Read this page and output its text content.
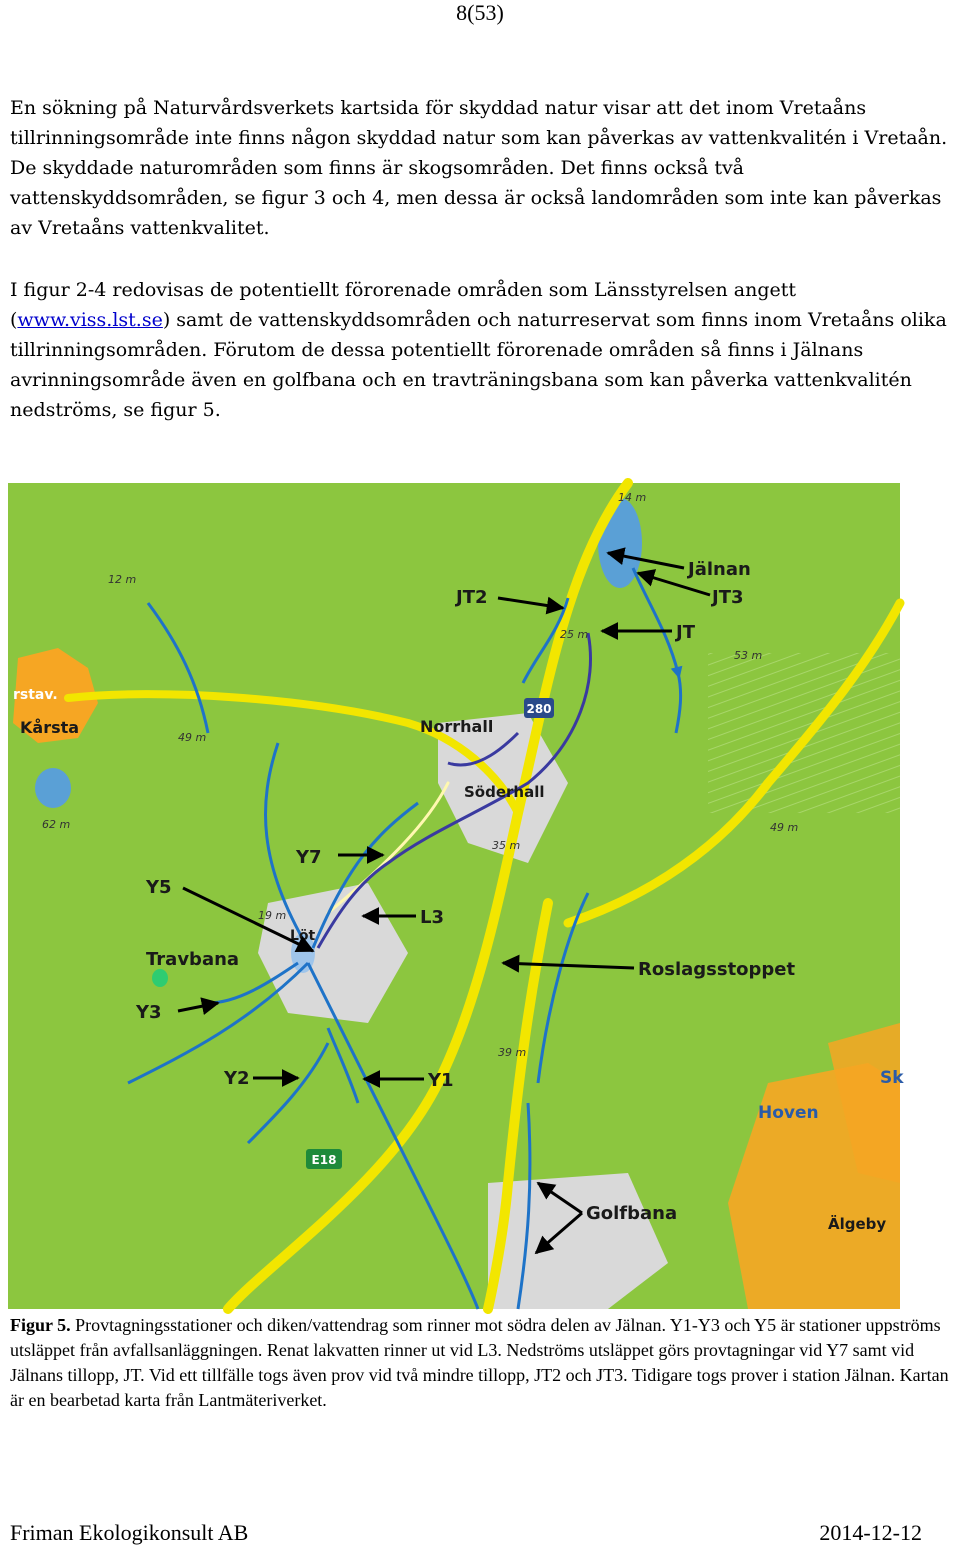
8(53)

En sökning på Naturvårdsverkets kartsida för skyddad natur visar att det inom Vretaåns tillrinningsområde inte finns någon skyddad natur som kan påverkas av vattenkvalitén i Vretaån. De skyddade naturområden som finns är skogsområden. Det finns också två vattenskyddsområden, se figur 3 och 4, men dessa är också landområden som inte kan påverkas av Vretaåns vattenkvalitet.

I figur 2-4 redovisas de potentiellt förorenade områden som Länsstyrelsen angett (www.viss.lst.se) samt de vattenskyddsområden och naturreservat som finns inom Vretaåns olika tillrinningsområden. Förutom de dessa potentiellt förorenade områden så finns i Jälnans avrinningsområde även en golfbana och en travträningsbana som kan påverka vattenkvalitén nedströms, se figur 5.

280
E18
rstav.
Kårsta	Norrhall
Söderhall
Löt
Hoven
Älgeby
Sk
14 m
12 m
25 m
53 m
49 m
62 m
35 m
49 m
19 m
39 m
Jälnan
JT3
JT2
JT
Y7
Y5
L3
Travbana	Roslagsstoppet
Y3
Y2	Y1
Golfbana
Figur 5. Provtagningsstationer och diken/vattendrag som rinner mot södra delen av Jälnan. Y1-Y3 och Y5 är stationer uppströms utsläppet från avfallsanläggningen. Renat lakvatten rinner ut vid L3. Nedströms utsläppet görs provtagningar vid Y7 samt vid Jälnans tillopp, JT. Vid ett tillfälle togs även prov vid två mindre tillopp, JT2 och JT3. Tidigare togs prover i station Jälnan. Kartan är en bearbetad karta från Lantmäteriverket.
Friman Ekologikonsult AB	2014-12-12
